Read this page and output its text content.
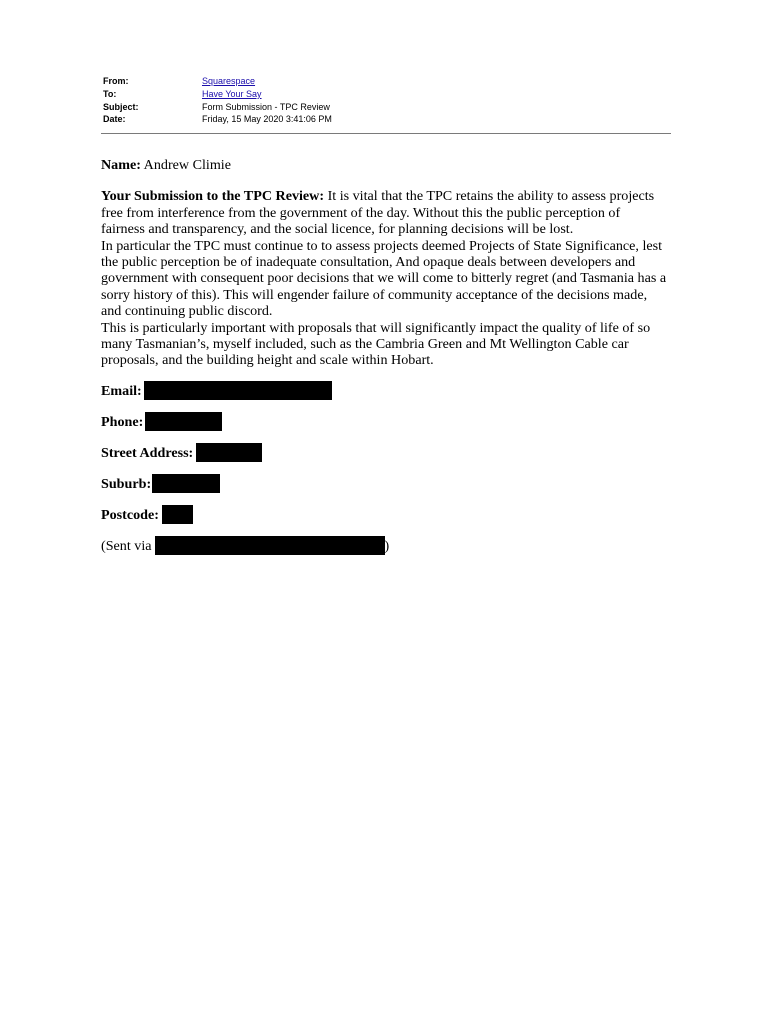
From:	Squarespace
To:	Have Your Say
Subject:	Form Submission - TPC Review
Date:	Friday, 15 May 2020 3:41:06 PM

Name: Andrew Climie

Your Submission to the TPC Review: It is vital that the TPC retains the ability to assess projects free from interference from the government of the day. Without this the public perception of fairness and transparency, and the social licence, for planning decisions will be lost.

In particular the TPC must continue to to assess projects deemed Projects of State Significance, lest the public perception be of inadequate consultation, And opaque deals between developers and government with consequent poor decisions that we will come to bitterly regret (and Tasmania has a sorry history of this). This will engender failure of community acceptance of the decisions made, and continuing public discord.

This is particularly important with proposals that will significantly impact the quality of life of so many Tasmanian’s, myself included, such as the Cambria Green and Mt Wellington Cable car proposals, and the building height and scale within Hobart.

Email:

Phone:

Street Address:

Suburb:

Postcode:

(Sent via	)
